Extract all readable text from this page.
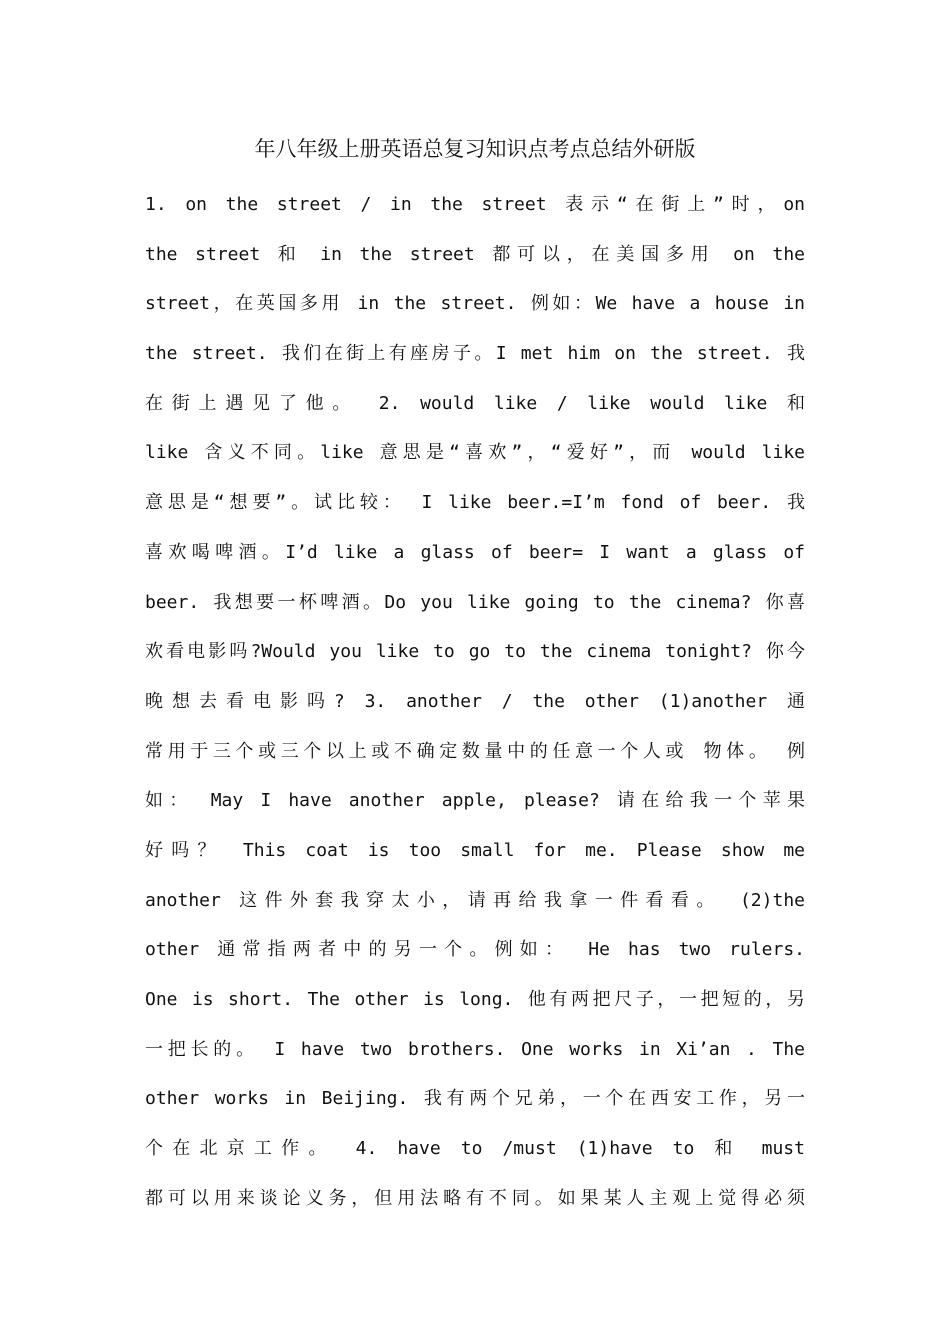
年八年级上册英语总复习知识点考点总结外研版
1. on the street / in the street 表示“在街上”时，on
the street 和 in the street 都可以，在美国多用 on the
street，在英国多用 in the street. 例如：We have a house in
the street. 我们在街上有座房子。I met him on the street. 我
在街上遇见了他。 2. would like / like would like 和
like 含义不同。like 意思是“喜欢”，“爱好”，而 would like
意思是“想要”。试比较： I like beer.=I’m fond of beer. 我
喜欢喝啤酒。I’d like a glass of beer= I want a glass of
beer. 我想要一杯啤酒。Do you like going to the cinema? 你喜
欢看电影吗?Would you like to go to the cinema tonight? 你今
晚想去看电影吗? 3. another / the other (1)another 通
常用于三个或三个以上或不确定数量中的任意一个人或 物体。 例
如： May I have another apple, please? 请在给我一个苹果
好吗？ This coat is too small for me. Please show me
another 这件外套我穿太小，请再给我拿一件看看。 (2)the
other 通常指两者中的另一个。例如： He has two rulers.
One is short. The other is long. 他有两把尺子，一把短的，另
一把长的。 I have two brothers. One works in Xi’an . The
other works in Beijing. 我有两个兄弟，一个在西安工作，另一
个在北京工作。 4. have to /must (1)have to 和 must
都可以用来谈论义务，但用法略有不同。如果某人主观上觉得必须
